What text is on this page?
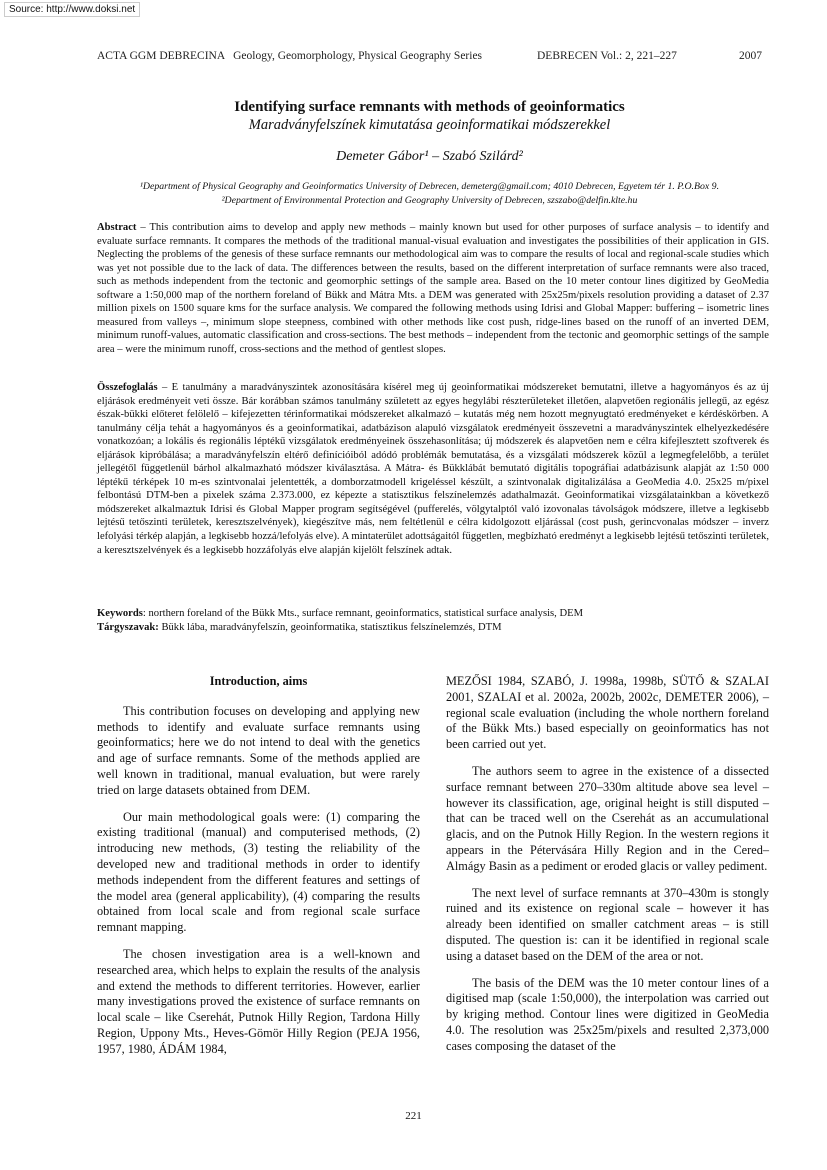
Source: http://www.doksi.net
ACTA GGM DEBRECINA   Geology, Geomorphology, Physical Geography Series	DEBRECEN Vol.: 2, 221–227	2007
Identifying surface remnants with methods of geoinformatics
Maradványfelszínek kimutatása geoinformatikai módszerekkel
Demeter Gábor¹ – Szabó Szilárd²
¹Department of Physical Geography and Geoinformatics University of Debrecen, demeterg@gmail.com; 4010 Debrecen, Egyetem tér 1. P.O.Box 9.
²Department of Environmental Protection and Geography University of Debrecen, szszabo@delfin.klte.hu

Abstract – This contribution aims to develop and apply new methods – mainly known but used for other purposes of surface analysis – to identify and evaluate surface remnants. It compares the methods of the traditional manual-visual evaluation and investigates the possibilities of their application in GIS. Neglecting the problems of the genesis of these surface remnants our methodological aim was to compare the results of local and regional-scale studies which was yet not possible due to the lack of data. The differences between the results, based on the different interpretation of surface remnants were also traced, such as methods independent from the tectonic and geomorphic settings of the sample area. Based on the 10 meter contour lines digitized by GeoMedia software a 1:50,000 map of the northern foreland of Bükk and Mátra Mts. a DEM was generated with 25x25m/pixels resolution providing a dataset of 2.37 million pixels on 1500 square kms for the surface analysis. We compared the following methods using Idrisi and Global Mapper: buffering – isometric lines measured from valleys –, minimum slope steepness, combined with other methods like cost push, ridge-lines based on the runoff of an inverted DEM, minimum runoff-values, automatic classification and cross-sections. The best methods – independent from the tectonic and geomorphic settings of the sample area – were the minimum runoff, cross-sections and the method of gentlest slopes.

Összefoglalás – E tanulmány a maradványszintek azonosítására kísérel meg új geoinformatikai módszereket bemutatni, illetve a hagyományos és az új eljárások eredményeit veti össze. Bár korábban számos tanulmány született az egyes hegylábi részterületeket illetően, alapvetően regionális jellegű, az egész észak-bükki előteret felölelő – kifejezetten térinformatikai módszereket alkalmazó – kutatás még nem hozott megnyugtató eredményeket e kérdéskörben. A tanulmány célja tehát a hagyományos és a geoinformatikai, adatbázison alapuló vizsgálatok eredményeit összevetni a maradványszintek elhelyezkedésére vonatkozóan; a lokális és regionális léptékű vizsgálatok eredményeinek összehasonlítása; új módszerek és alapvetően nem e célra kifejlesztett szoftverek és eljárások kipróbálása; a maradványfelszín eltérő definícióiból adódó problémák bemutatása, és a vizsgálati módszerek közül a legmegfelelőbb, a terület jellegétől függetlenül bárhol alkalmazható módszer kiválasztása. A Mátra- és Bükklábát bemutató digitális topográfiai adatbázisunk alapját az 1:50 000 léptékű térképek 10 m-es szintvonalai jelentették, a domborzatmodell krigeléssel készült, a szintvonalak digitalizálása a GeoMedia 4.0. 25x25 m/pixel felbontású DTM-ben a pixelek száma 2.373.000, ez képezte a statisztikus felszínelemzés adathalmazát. Geoinformatikai vizsgálatainkban a következő módszereket alkalmaztuk Idrisi és Global Mapper program segítségével (pufferelés, völgytalptól való izovonalas távolságok módszere, illetve a legkisebb lejtésű tetőszinti területek, keresztszelvények), kiegészítve más, nem feltétlenül e célra kidolgozott eljárással (cost push, gerincvonalas módszer – inverz lefolyási térkép alapján, a legkisebb hozzá/lefolyás elve). A mintaterület adottságaitól független, megbízható eredményt a legkisebb lejtésű tetőszinti területek, a keresztszelvények és a legkisebb hozzáfolyás elve alapján kijelölt felszínek adtak.

Keywords: northern foreland of the Bükk Mts., surface remnant, geoinformatics, statistical surface analysis, DEM
Tárgyszavak: Bükk lába, maradványfelszín, geoinformatika, statisztikus felszínelemzés, DTM
Introduction, aims

This contribution focuses on developing and applying new methods to identify and evaluate surface remnants using geoinformatics; here we do not intend to deal with the genetics and age of surface remnants. Some of the methods applied are well known in traditional, manual evaluation, but were rarely tried on large datasets obtained from DEM.

Our main methodological goals were: (1) comparing the existing traditional (manual) and computerised methods, (2) introducing new methods, (3) testing the reliability of the developed new and traditional methods in order to identify methods independent from the different features and settings of the model area (general applicability), (4) comparing the results obtained from local scale and from regional scale surface remnant mapping.

The chosen investigation area is a well-known and researched area, which helps to explain the results of the analysis and extend the methods to different territories. However, earlier many investigations proved the existence of surface remnants on local scale – like Cserehát, Putnok Hilly Region, Tardona Hilly Region, Uppony Mts., Heves-Gömör Hilly Region (PEJA 1956, 1957, 1980, ÁDÁM 1984,

MEZŐSI 1984, SZABÓ, J. 1998a, 1998b, SÜTŐ & SZALAI 2001, SZALAI et al. 2002a, 2002b, 2002c, DEMETER 2006), – regional scale evaluation (including the whole northern foreland of the Bükk Mts.) based especially on geoinformatics has not been carried out yet.

The authors seem to agree in the existence of a dissected surface remnant between 270–330m altitude above sea level – however its classification, age, original height is still disputed – that can be traced well on the Cserehát as an accumulational glacis, and on the Putnok Hilly Region. In the western regions it appears in the Pétervására Hilly Region and in the Cered–Almágy Basin as a pediment or eroded glacis or valley pediment.

The next level of surface remnants at 370–430m is stongly ruined and its existence on regional scale – however it has already been identified on smaller catchment areas – is still disputed. The question is: can it be identified in regional scale using a dataset based on the DEM of the area or not.

The basis of the DEM was the 10 meter contour lines of a digitised map (scale 1:50,000), the interpolation was carried out by kriging method. Contour lines were digitized in GeoMedia 4.0. The resolution was 25x25m/pixels and resulted 2,373,000 cases composing the dataset of the

221
